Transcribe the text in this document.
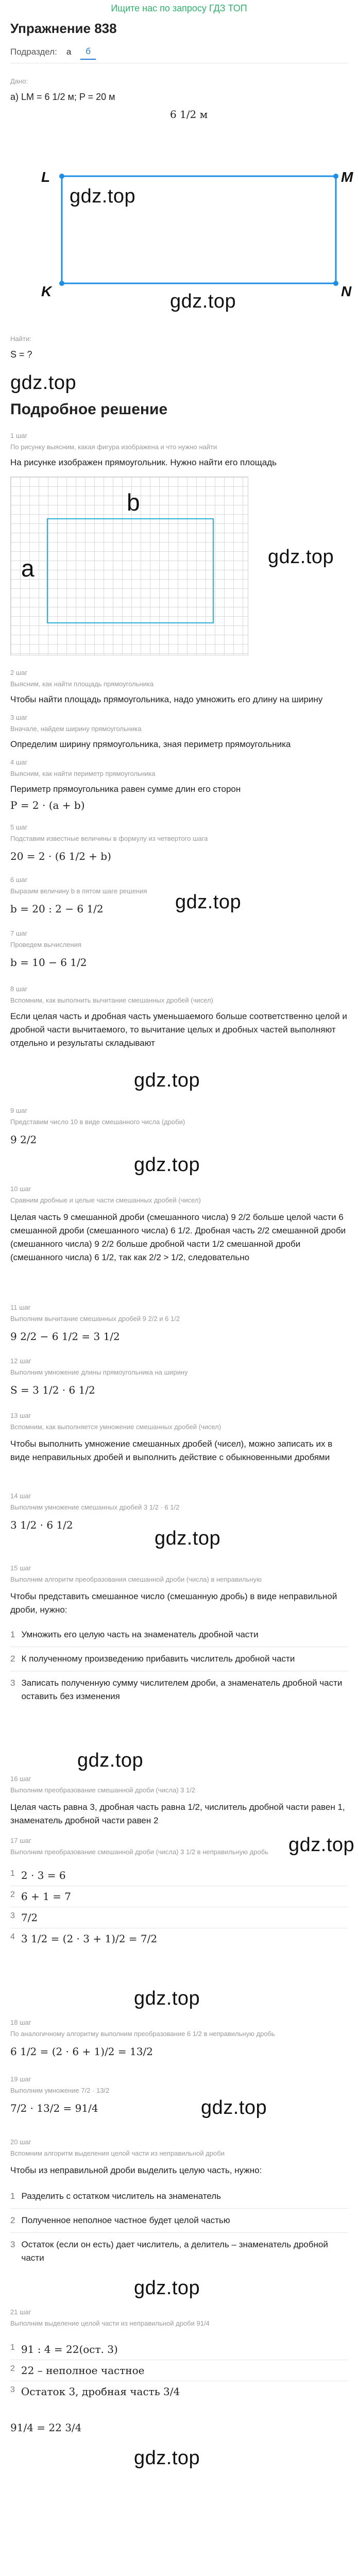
Ищите нас по запросу ГДЗ ТОП
Упражнение 838
Подраздел:	а	б
Дано:
а) LM = 6 1/2 м; P = 20 м
6 1/2 м
L	M
K	N
gdz.top
gdz.top
Найти:
S = ?
gdz.top
Подробное решение
1 шаг
По рисунку выясним, какая фигура изображена и что нужно найти
На рисунке изображен прямоугольник. Нужно найти его площадь
b
a	gdz.top
2 шаг
Выясним, как найти площадь прямоугольника
Чтобы найти площадь прямоугольника, надо умножить его длину на ширину
3 шаг
Вначале, найдем ширину прямоугольника
Определим ширину прямоугольника, зная периметр прямоугольника
4 шаг
Выясним, как найти периметр прямоугольника
Периметр прямоугольника равен сумме длин его сторон
P = 2 · (a + b)
5 шаг
Подставим известные величины в формулу из четвертого шага
20 = 2 · (6 1/2 + b)
6 шаг
Выразим величину b в пятом шаге решения
b = 20 : 2 − 6 1/2	gdz.top
7 шаг
Проведем вычисления
b = 10 − 6 1/2
8 шаг
Вспомним, как выполнить вычитание смешанных дробей (чисел)
Если целая часть и дробная часть уменьшаемого больше соответственно целой и дробной части вычитаемого, то вычитание целых и дробных частей выполняют отдельно и результаты складывают
gdz.top
9 шаг
Представим число 10 в виде смешанного числа (дроби)
9 2/2
gdz.top
10 шаг
Сравним дробные и целые части смешанных дробей (чисел)
Целая часть 9 смешанной дроби (смешанного числа) 9 2/2 больше целой части 6 смешанной дроби (смешанного числа) 6 1/2. Дробная часть 2/2 смешанной дроби (смешанного числа) 9 2/2 больше дробной части 1/2 смешанной дроби (смешанного числа) 6 1/2, так как 2/2 > 1/2, следовательно
11 шаг
Выполним вычитание смешанных дробей 9 2/2 и 6 1/2
9 2/2 − 6 1/2 = 3 1/2
12 шаг
Выполним умножение длины прямоугольника на ширину
S = 3 1/2 · 6 1/2
13 шаг
Вспомним, как выполняется умножение смешанных дробей (чисел)
Чтобы выполнить умножение смешанных дробей (чисел), можно записать их в виде неправильных дробей и выполнить действие с обыкновенными дробями
14 шаг
Выполним умножение смешанных дробей 3 1/2 · 6 1/2
3 1/2 · 6 1/2
gdz.top
15 шаг
Выполним алгоритм преобразования смешанной дроби (числа) в неправильную
Чтобы представить смешанное число (смешанную дробь) в виде неправильной дроби, нужно:
1 Умножить его целую часть на знаменатель дробной части
2 К полученному произведению прибавить числитель дробной части
3 Записать полученную сумму числителем дроби, а знаменатель дробной части оставить без изменения
gdz.top
16 шаг
Выполним преобразование смешанной дроби (числа) 3 1/2
Целая часть равна 3, дробная часть равна 1/2, числитель дробной части равен 1, знаменатель дробной части равен 2
17 шаг
Выполним преобразование смешанной дроби (числа) 3 1/2 в неправильную дробь gdz.top
1 2 · 3 = 6
2 6 + 1 = 7
3 7/2
4 3 1/2 = (2 · 3 + 1)/2 = 7/2
gdz.top
18 шаг
По аналогичному алгоритму выполним преобразование 6 1/2 в неправильную дробь
6 1/2 = (2 · 6 + 1)/2 = 13/2
19 шаг
Выполним умножение 7/2 · 13/2
7/2 · 13/2 = 91/4	gdz.top
20 шаг
Вспомним алгоритм выделения целой части из неправильной дроби
Чтобы из неправильной дроби выделить целую часть, нужно:
1 Разделить с остатком числитель на знаменатель
2 Полученное неполное частное будет целой частью
3 Остаток (если он есть) дает числитель, а делитель – знаменатель дробной части
gdz.top
21 шаг
Выполним выделение целой части из неправильной дроби 91/4
1 91 : 4 = 22(ост. 3)
2 22 – неполное частное
3 Остаток 3, дробная часть 3/4
91/4 = 22 3/4
gdz.top
